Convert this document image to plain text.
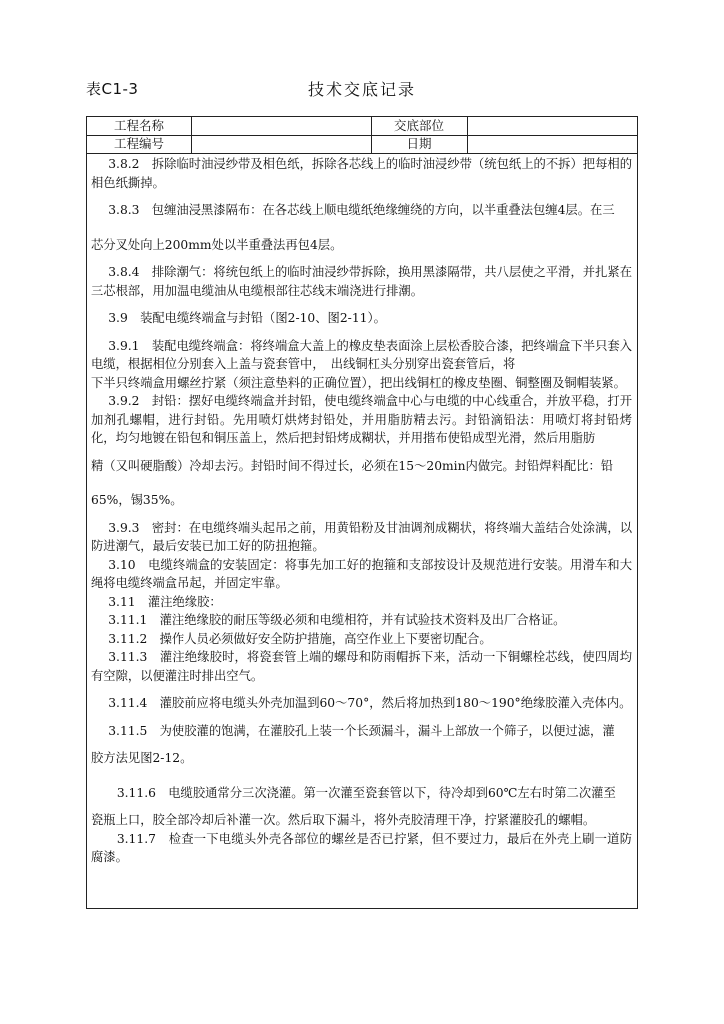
表C1-3	技术交底记录
工程名称	交底部位
工程编号	日期

3.8.2　拆除临时油浸纱带及相色纸，拆除各芯线上的临时油浸纱带（统包纸上的不拆）把每相的相色纸撕掉。

3.8.3　包缠油浸黑漆隔布：在各芯线上顺电缆纸绝缘缠绕的方向，以半重叠法包缠4层。在三

芯分叉处向上200mm处以半重叠法再包4层。

3.8.4　排除潮气：将统包纸上的临时油浸纱带拆除，换用黑漆隔带，共八层使之平滑，并扎紧在三芯根部，用加温电缆油从电缆根部往芯线末端浇进行排潮。

3.9　装配电缆终端盒与封铅（图2-10、图2-11）。

3.9.1　装配电缆终端盒：将终端盒大盖上的橡皮垫表面涂上层松香胶合漆，把终端盒下半只套入电缆，根据相位分别套入上盖与瓷套管中，　出线铜杠头分别穿出瓷套管后，将

下半只终端盒用螺丝拧紧（须注意垫料的正确位置），把出线铜杠的橡皮垫圈、铜整圈及铜帽装紧。

3.9.2　封铅：摆好电缆终端盒并封铅，使电缆终端盒中心与电缆的中心线重合，并放平稳，打开加剂孔螺帽，进行封铅。先用喷灯烘烤封铅处，并用脂肪精去污。封铅滴铅法：用喷灯将封铅烤化，均匀地镀在铅包和铜压盖上，然后把封铅烤成糊状，并用揩布使铅成型光滑，然后用脂肪

精（又叫硬脂酸）冷却去污。封铅时间不得过长，必须在15～20min内做完。封铅焊料配比：铅

65%，锡35%。

3.9.3　密封：在电缆终端头起吊之前，用黄铅粉及甘油调剂成糊状，将终端大盖结合处涂满，以防进潮气，最后安装已加工好的防扭抱箍。

3.10　电缆终端盒的安装固定：将事先加工好的抱箍和支部按设计及规范进行安装。用滑车和大绳将电缆终端盒吊起，并固定牢靠。

3.11　灌注绝缘胶：

3.11.1　灌注绝缘胶的耐压等级必须和电缆相符，并有试验技术资料及出厂合格证。

3.11.2　操作人员必须做好安全防护措施，高空作业上下要密切配合。

3.11.3　灌注绝缘胶时，将瓷套管上端的螺母和防雨帽拆下来，活动一下铜螺栓芯线，使四周均有空隙，以便灌注时排出空气。

3.11.4　灌胶前应将电缆头外壳加温到60～70°，然后将加热到180～190°绝缘胶灌入壳体内。

3.11.5　为使胶灌的饱满，在灌胶孔上装一个长颈漏斗，漏斗上部放一个筛子，以便过滤，灌

胶方法见图2-12。

3.11.6　电缆胶通常分三次浇灌。第一次灌至瓷套管以下，待冷却到60℃左右时第二次灌至

瓷瓶上口，胶全部冷却后补灌一次。然后取下漏斗，将外壳胶清理干净，拧紧灌胶孔的螺帽。

3.11.7　检查一下电缆头外壳各部位的螺丝是否已拧紧，但不要过力，最后在外壳上刷一道防腐漆。
